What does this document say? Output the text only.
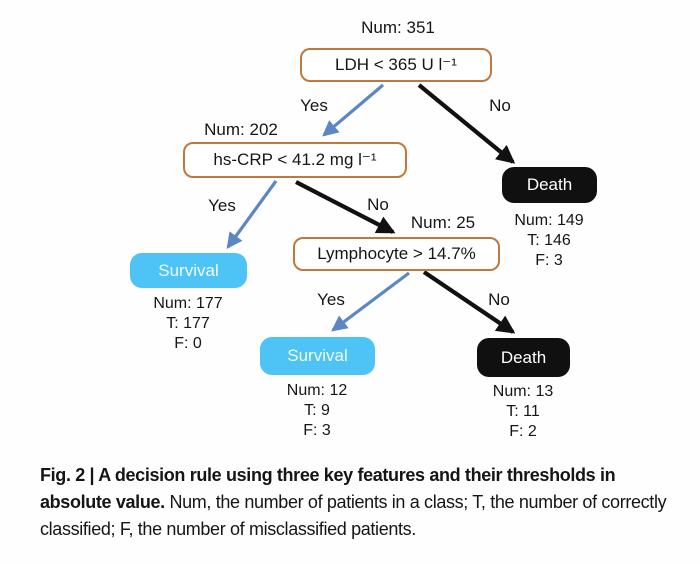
Num: 351
LDH < 365 U l⁻¹
Yes	No
Num: 202
hs-CRP < 41.2 mg l⁻¹
Death
Num: 149
T: 146
F: 3
Yes	No
Num: 25
Lymphocyte > 14.7%
Survival
Num: 177
T: 177
F: 0
Yes	No
Survival
Num: 12
T: 9
F: 3
Death
Num: 13
T: 11
F: 2

Fig. 2 | A decision rule using three key features and their thresholds in absolute value. Num, the number of patients in a class; T, the number of correctly classified; F, the number of misclassified patients.
